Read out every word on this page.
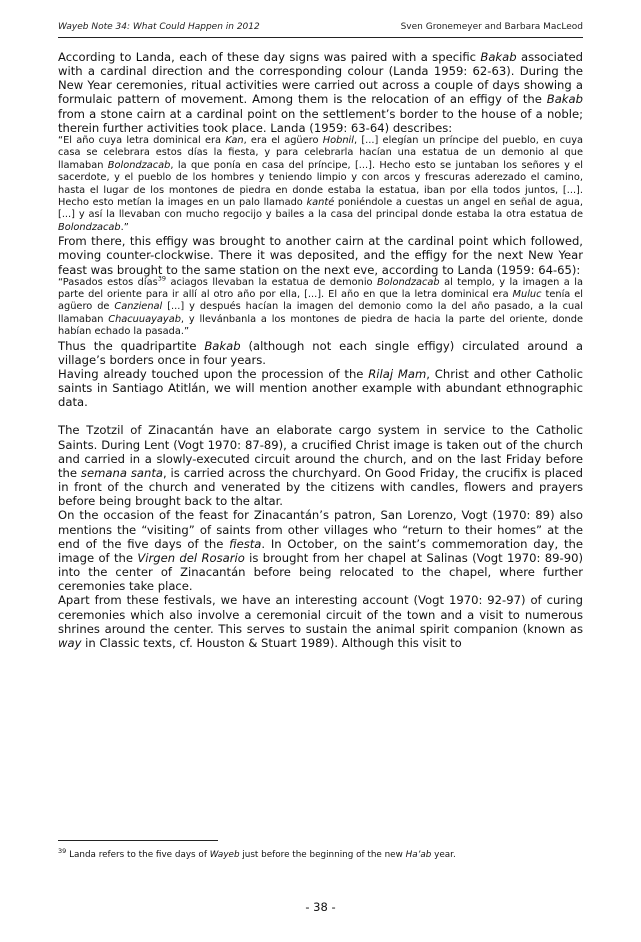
Wayeb Note 34: What Could Happen in 2012	Sven Gronemeyer and Barbara MacLeod

According to Landa, each of these day signs was paired with a specific Bakab associated with a cardinal direction and the corresponding colour (Landa 1959: 62-63). During the New Year ceremonies, ritual activities were carried out across a couple of days showing a formulaic pattern of movement. Among them is the relocation of an effigy of the Bakab from a stone cairn at a cardinal point on the settlement’s border to the house of a noble; therein further activities took place. Landa (1959: 63-64) describes:

“El año cuya letra dominical era Kan, era el agüero Hobnil, [...] elegían un príncipe del pueblo, en cuya casa se celebrara estos días la fiesta, y para celebrarla hacían una estatua de un demonio al que llamaban Bolondzacab, la que ponía en casa del príncipe, [...]. Hecho esto se juntaban los señores y el sacerdote, y el pueblo de los hombres y teniendo limpio y con arcos y frescuras aderezado el camino, hasta el lugar de los montones de piedra en donde estaba la estatua, iban por ella todos juntos, [...]. Hecho esto metían la images en un palo llamado kanté poniéndole a cuestas un angel en señal de agua, [...] y así la llevaban con mucho regocijo y bailes a la casa del principal donde estaba la otra estatua de Bolondzacab.”

From there, this effigy was brought to another cairn at the cardinal point which followed, moving counter-clockwise. There it was deposited, and the effigy for the next New Year feast was brought to the same station on the next eve, according to Landa (1959: 64-65):

“Pasados estos días$^{39}$ aciagos llevaban la estatua de demonio Bolondzacab al templo, y la imagen a la parte del oriente para ir allí al otro año por ella, [...]. El año en que la letra dominical era Muluc tenía el agüero de Canzienal [...] y después hacían la imagen del demonio como la del año pasado, a la cual llamaban Chacuuayayab, y llevánbanla a los montones de piedra de hacia la parte del oriente, donde habían echado la pasada.”

Thus the quadripartite Bakab (although not each single effigy) circulated around a village’s borders once in four years.

Having already touched upon the procession of the Rilaj Mam, Christ and other Catholic saints in Santiago Atitlán, we will mention another example with abundant ethnographic data.

The Tzotzil of Zinacantán have an elaborate cargo system in service to the Catholic Saints. During Lent (Vogt 1970: 87-89), a crucified Christ image is taken out of the church and carried in a slowly-executed circuit around the church, and on the last Friday before the semana santa, is carried across the churchyard. On Good Friday, the crucifix is placed in front of the church and venerated by the citizens with candles, flowers and prayers before being brought back to the altar.

On the occasion of the feast for Zinacantán’s patron, San Lorenzo, Vogt (1970: 89) also mentions the “visiting” of saints from other villages who “return to their homes” at the end of the five days of the fiesta. In October, on the saint’s commemoration day, the image of the Virgen del Rosario is brought from her chapel at Salinas (Vogt 1970: 89-90) into the center of Zinacantán before being relocated to the chapel, where further ceremonies take place.

Apart from these festivals, we have an interesting account (Vogt 1970: 92-97) of curing ceremonies which also involve a ceremonial circuit of the town and a visit to numerous shrines around the center. This serves to sustain the animal spirit companion (known as way in Classic texts, cf. Houston & Stuart 1989). Although this visit to

$^{39}$ Landa refers to the five days of Wayeb just before the beginning of the new Ha’ab year.
- 38 -
